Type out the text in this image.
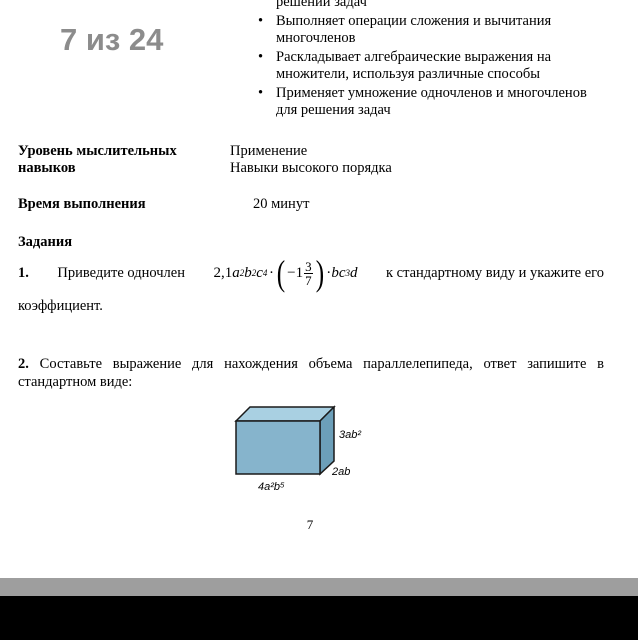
7 из 24
решении задач
• Выполняет операции сложения и вычитания многочленов
• Раскладывает алгебраические выражения на множители, используя различные способы
• Применяет умножение одночленов и многочленов для решения задач
Уровень мыслительных навыков
Применение
Навыки высокого порядка
Время выполнения	20 минут
Задания
1. Приведите одночлен 2,1 a 2 b 2 c 4 · ( $-1 \frac{3}{7}$ ) · bc 3 d к стандартному виду и укажите его
коэффициент.
2. Составьте выражение для нахождения объема параллелепипеда, ответ запишите в стандартном виде:
3ab²
2ab
4a²b⁵
7
